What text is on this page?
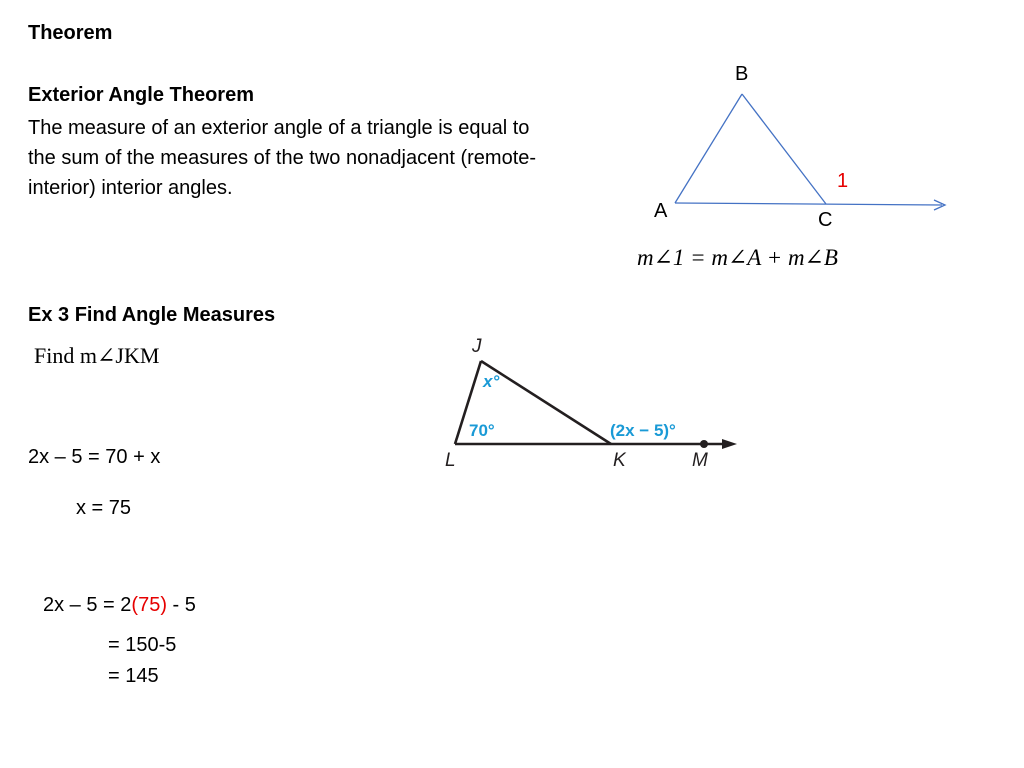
Theorem
Exterior Angle Theorem
The measure of an exterior angle of a triangle is equal to
the sum of the measures of the two nonadjacent (remote-
interior) interior angles.
B
A	C
1
m∠1 = m∠A + m∠B
Ex 3 Find Angle Measures
Find m∠JKM
2x – 5 = 70 + x
x = 75
2x – 5 = 2(75) - 5
= 150-5
= 145
J
L	K	M
x°
70°	(2x − 5)°
